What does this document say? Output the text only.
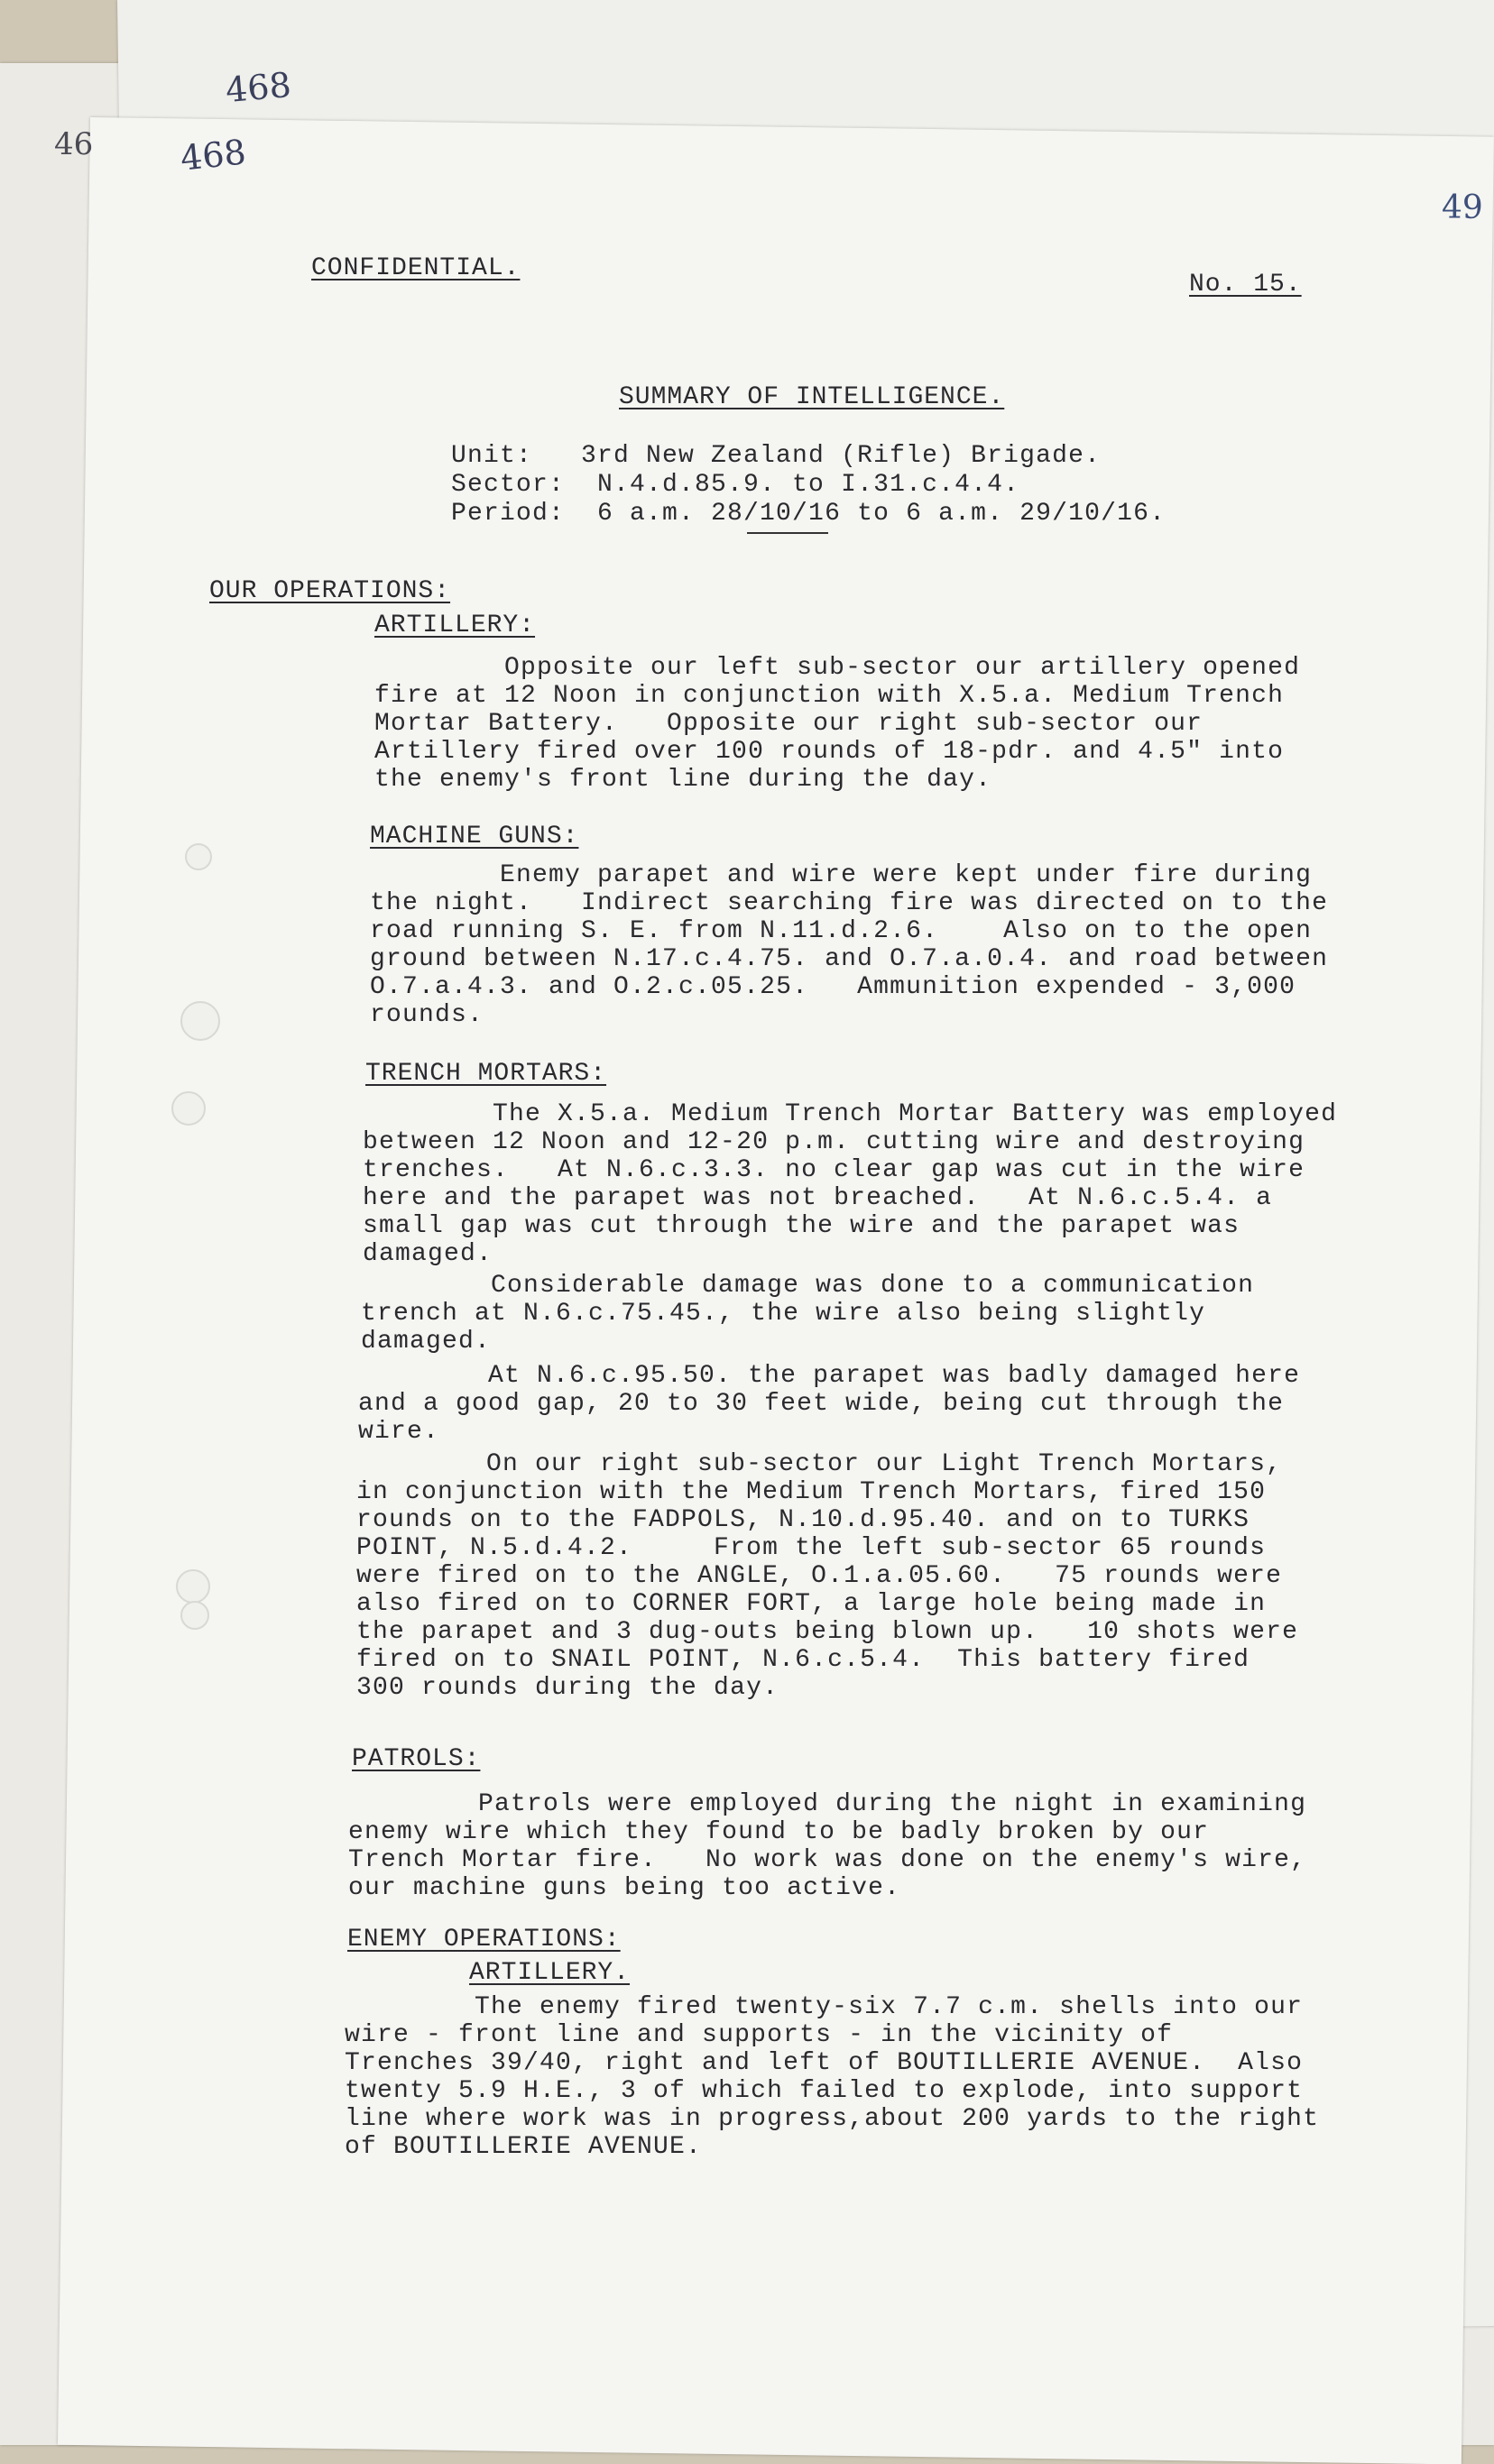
46
468
468
49
CONFIDENTIAL.
No. 15.
SUMMARY OF INTELLIGENCE.
Unit:   3rd New Zealand (Rifle) Brigade.
Sector:  N.4.d.85.9. to I.31.c.4.4.
Period:  6 a.m. 28/10/16 to 6 a.m. 29/10/16.
OUR OPERATIONS:
ARTILLERY:
Opposite our left sub-sector our artillery opened
fire at 12 Noon in conjunction with X.5.a. Medium Trench
Mortar Battery.   Opposite our right sub-sector our
Artillery fired over 100 rounds of 18-pdr. and 4.5" into
the enemy's front line during the day.
MACHINE GUNS:
Enemy parapet and wire were kept under fire during
the night.   Indirect searching fire was directed on to the
road running S. E. from N.11.d.2.6.    Also on to the open
ground between N.17.c.4.75. and O.7.a.0.4. and road between
O.7.a.4.3. and O.2.c.05.25.   Ammunition expended - 3,000
rounds.
TRENCH MORTARS:
The X.5.a. Medium Trench Mortar Battery was employed
between 12 Noon and 12-20 p.m. cutting wire and destroying
trenches.   At N.6.c.3.3. no clear gap was cut in the wire
here and the parapet was not breached.   At N.6.c.5.4. a
small gap was cut through the wire and the parapet was
damaged.
Considerable damage was done to a communication
trench at N.6.c.75.45., the wire also being slightly
damaged.
At N.6.c.95.50. the parapet was badly damaged here
and a good gap, 20 to 30 feet wide, being cut through the
wire.
On our right sub-sector our Light Trench Mortars,
in conjunction with the Medium Trench Mortars, fired 150
rounds on to the FADPOLS, N.10.d.95.40. and on to TURKS
POINT, N.5.d.4.2.     From the left sub-sector 65 rounds
were fired on to the ANGLE, O.1.a.05.60.   75 rounds were
also fired on to CORNER FORT, a large hole being made in
the parapet and 3 dug-outs being blown up.   10 shots were
fired on to SNAIL POINT, N.6.c.5.4.  This battery fired
300 rounds during the day.
PATROLS:
Patrols were employed during the night in examining
enemy wire which they found to be badly broken by our
Trench Mortar fire.   No work was done on the enemy's wire,
our machine guns being too active.
ENEMY OPERATIONS:
ARTILLERY.
The enemy fired twenty-six 7.7 c.m. shells into our
wire - front line and supports - in the vicinity of
Trenches 39/40, right and left of BOUTILLERIE AVENUE.  Also
twenty 5.9 H.E., 3 of which failed to explode, into support
line where work was in progress,about 200 yards to the right
of BOUTILLERIE AVENUE.
